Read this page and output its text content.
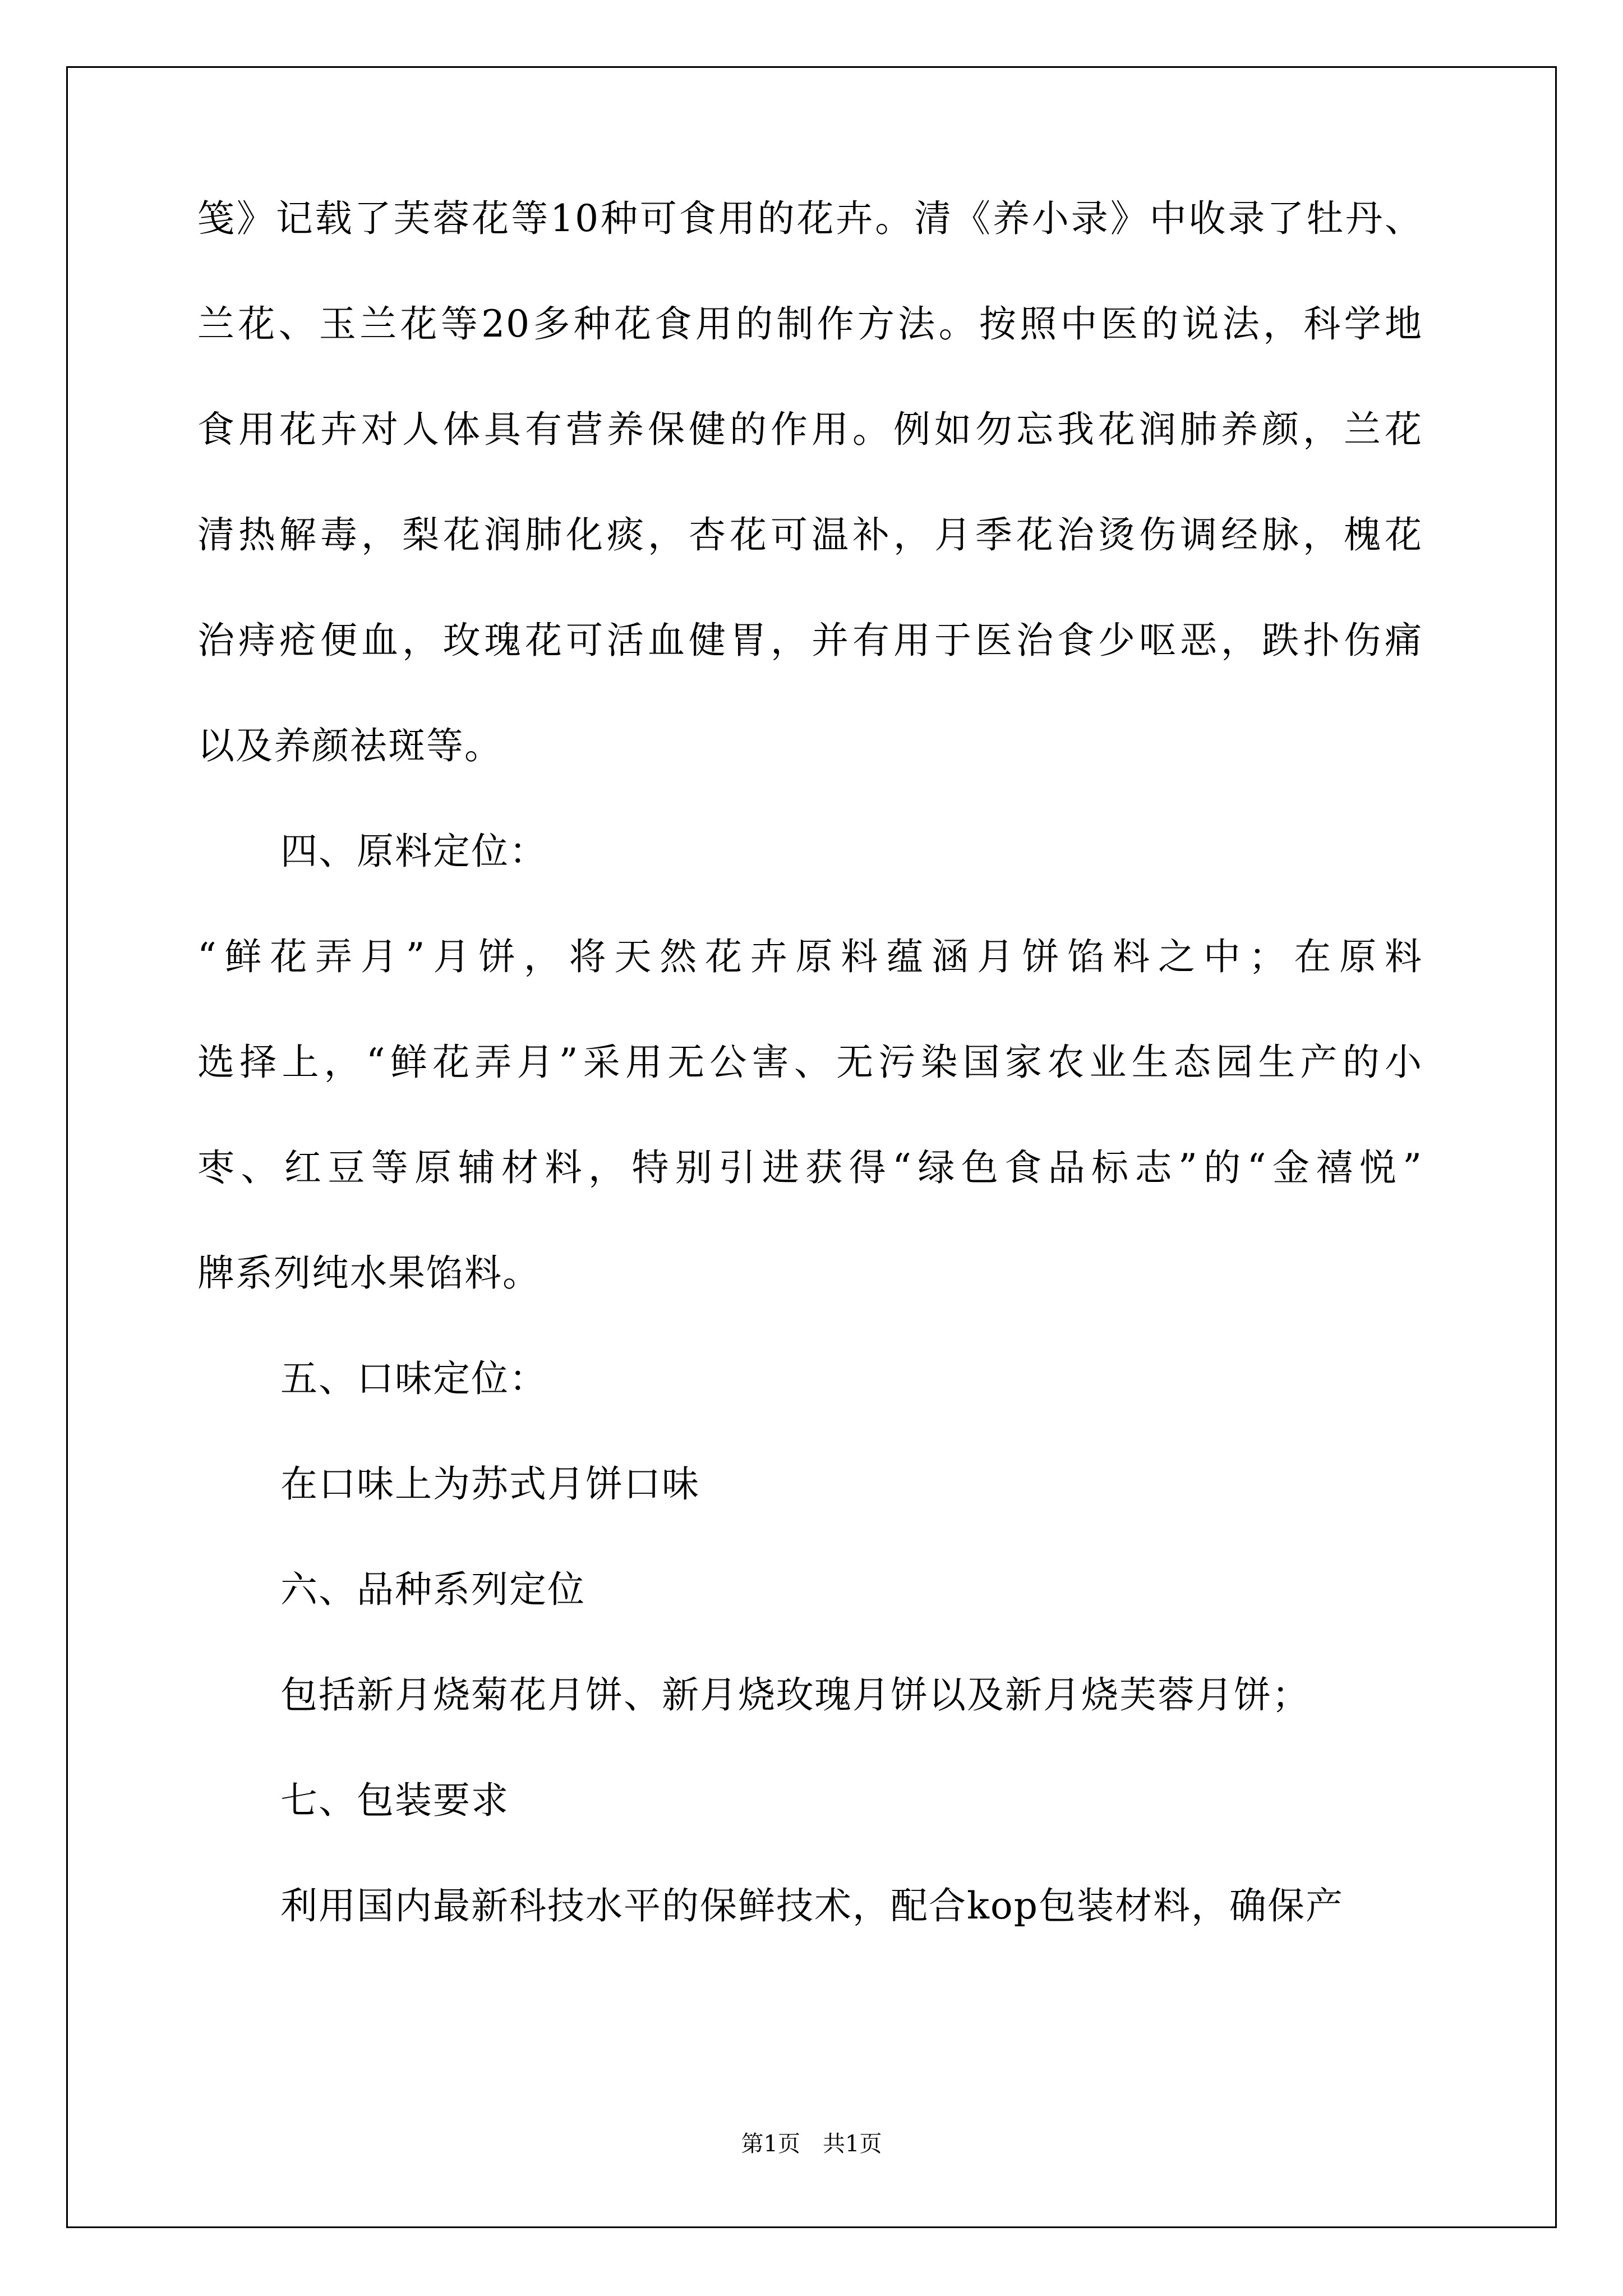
笺》记载了芙蓉花等10种可食用的花卉。清《养小录》中收录了牡丹、
兰花、玉兰花等20多种花食用的制作方法。按照中医的说法，科学地
食用花卉对人体具有营养保健的作用。例如勿忘我花润肺养颜，兰花
清热解毒，梨花润肺化痰，杏花可温补，月季花治烫伤调经脉，槐花
治痔疮便血，玫瑰花可活血健胃，并有用于医治食少呕恶，跌扑伤痛
以及养颜祛斑等。
四、原料定位：
“鲜花弄月”月饼，将天然花卉原料蕴涵月饼馅料之中；在原料
选择上，“鲜花弄月”采用无公害、无污染国家农业生态园生产的小
枣、红豆等原辅材料，特别引进获得“绿色食品标志”的“金禧悦”
牌系列纯水果馅料。
五、口味定位：
在口味上为苏式月饼口味
六、品种系列定位
包括新月烧菊花月饼、新月烧玫瑰月饼以及新月烧芙蓉月饼；
七、包装要求
利用国内最新科技水平的保鲜技术，配合kop包装材料，确保产
第1页　共1页
